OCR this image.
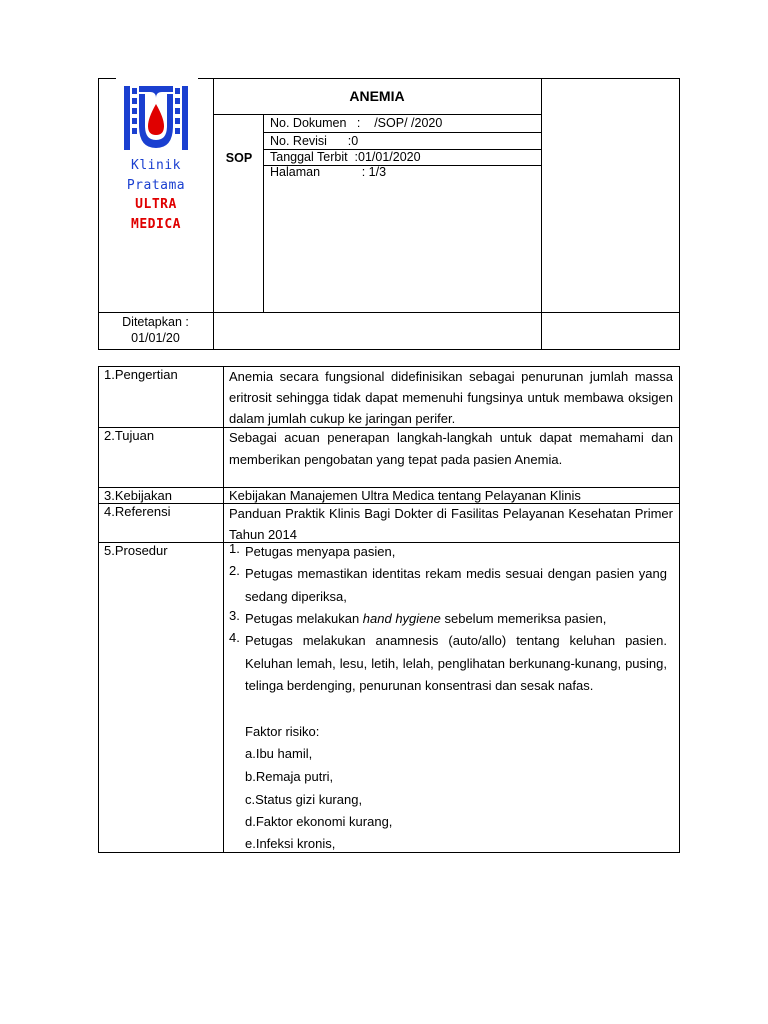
Klinik
Pratama
ULTRA
MEDICA
ANEMIA
SOP
No. Dokumen   :    /SOP/ /2020
No. Revisi      :0
Tanggal Terbit  :01/01/2020
Halaman            : 1/3
Ditetapkan :
01/01/20
1.Pengertian	Anemia secara fungsional didefinisikan sebagai penurunan jumlah massa eritrosit sehingga tidak dapat memenuhi fungsinya untuk membawa oksigen dalam jumlah cukup ke jaringan perifer.
2.Tujuan	Sebagai acuan penerapan langkah-langkah untuk dapat memahami dan memberikan pengobatan yang tepat pada pasien Anemia.
3.Kebijakan	Kebijakan Manajemen Ultra Medica tentang Pelayanan Klinis
4.Referensi	Panduan Praktik Klinis Bagi Dokter di Fasilitas Pelayanan Kesehatan Primer Tahun 2014
5.Prosedur	1. Petugas menyapa pasien,
2. Petugas memastikan identitas rekam medis sesuai dengan pasien yang sedang diperiksa,
3. Petugas melakukan hand hygiene sebelum memeriksa pasien,
4. Petugas melakukan anamnesis (auto/allo) tentang keluhan pasien. Keluhan lemah, lesu, letih, lelah, penglihatan berkunang-kunang, pusing, telinga berdenging, penurunan konsentrasi dan sesak nafas.
Faktor risiko:
a.Ibu hamil,
b.Remaja putri,
c.Status gizi kurang,
d.Faktor ekonomi kurang,
e.Infeksi kronis,
